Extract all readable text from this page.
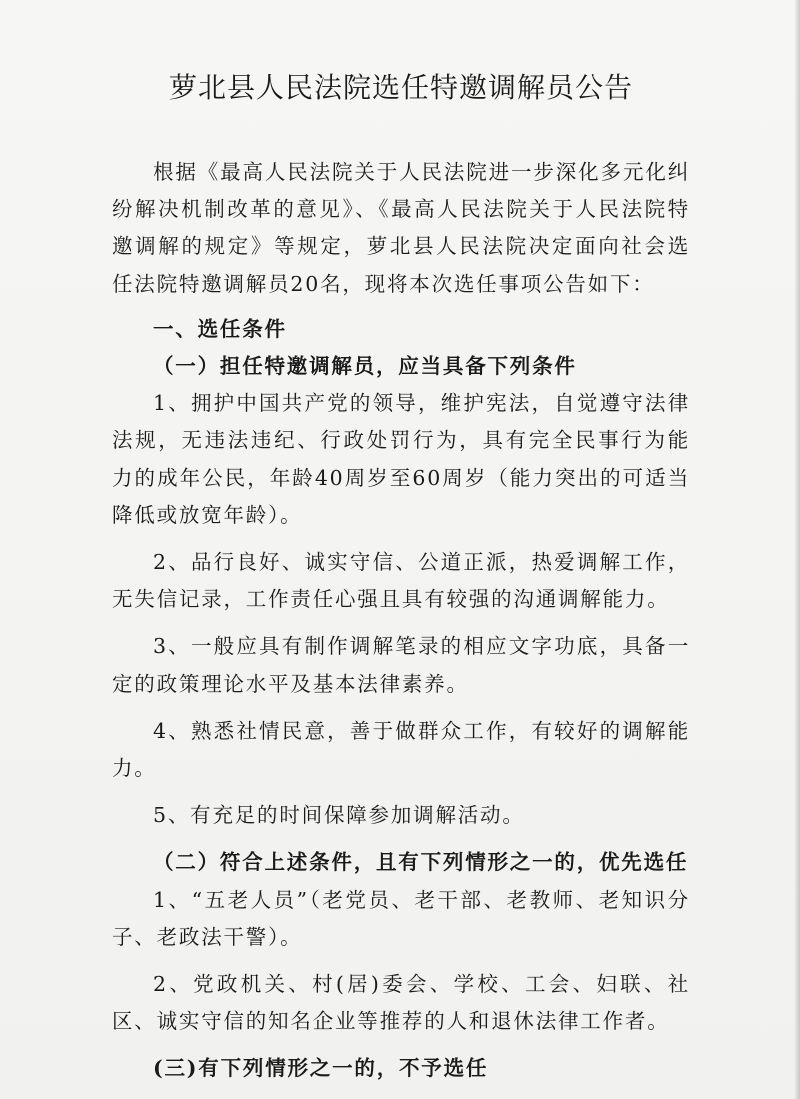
萝北县人民法院选任特邀调解员公告

根据《最高人民法院关于人民法院进一步深化多元化纠纷解决机制改革的意见》、《最高人民法院关于人民法院特邀调解的规定》等规定，萝北县人民法院决定面向社会选任法院特邀调解员20名，现将本次选任事项公告如下：

一、选任条件

（一）担任特邀调解员，应当具备下列条件

1、拥护中国共产党的领导，维护宪法，自觉遵守法律法规，无违法违纪、行政处罚行为，具有完全民事行为能力的成年公民，年龄40周岁至60周岁（能力突出的可适当降低或放宽年龄）。

2、品行良好、诚实守信、公道正派，热爱调解工作，无失信记录，工作责任心强且具有较强的沟通调解能力。

3、一般应具有制作调解笔录的相应文字功底，具备一定的政策理论水平及基本法律素养。

4、熟悉社情民意，善于做群众工作，有较好的调解能力。

5、有充足的时间保障参加调解活动。

（二）符合上述条件，且有下列情形之一的，优先选任

1、“五老人员”（老党员、老干部、老教师、老知识分子、老政法干警）。

2、党政机关、村(居)委会、学校、工会、妇联、社区、诚实守信的知名企业等推荐的人和退休法律工作者。

(三)有下列情形之一的，不予选任
